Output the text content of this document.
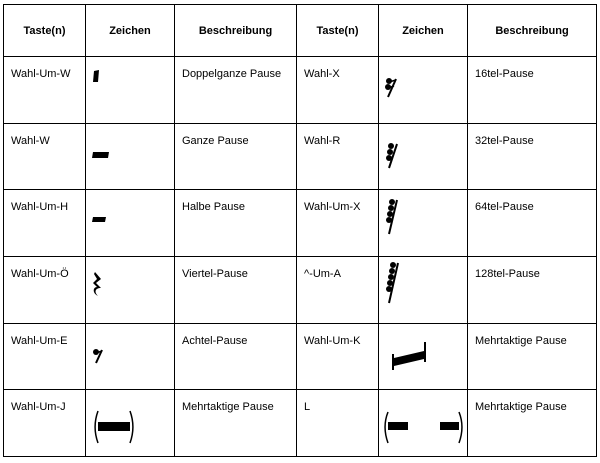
Taste(n)	Zeichen	Beschreibung	Taste(n)	Zeichen	Beschreibung

Wahl-Um-W		Doppelganze Pause	Wahl-X		16tel-Pause

Wahl-W		Ganze Pause	Wahl-R		32tel-Pause

Wahl-Um-H		Halbe Pause	Wahl-Um-X		64tel-Pause

Wahl-Um-Ö		Viertel-Pause	^-Um-A		128tel-Pause

Wahl-Um-E		Achtel-Pause	Wahl-Um-K		Mehrtaktige Pause

Wahl-Um-J		Mehrtaktige Pause	L		Mehrtaktige Pause
